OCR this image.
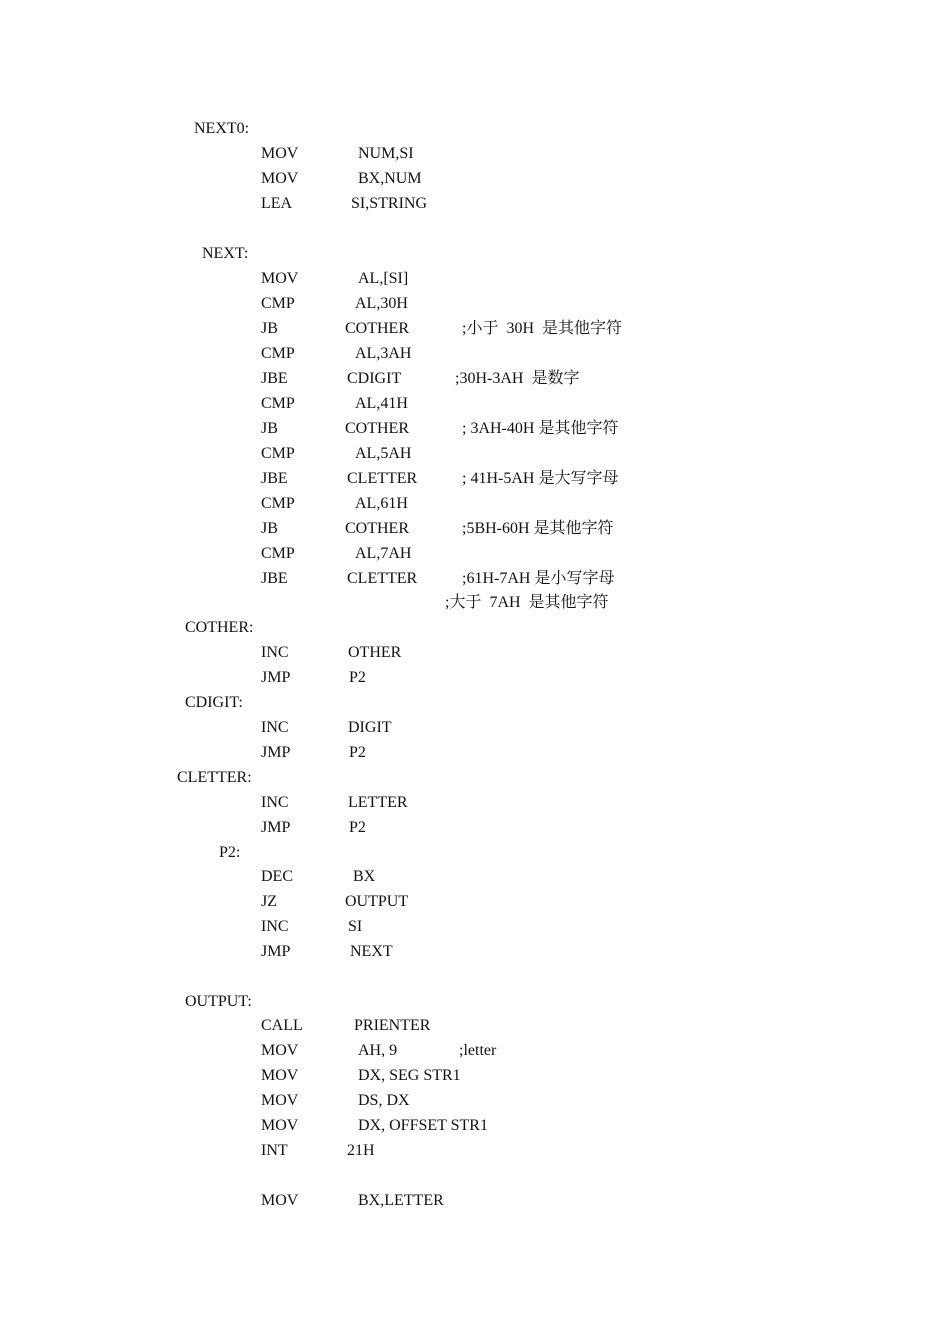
NEXT0:
MOV	NUM,SI
MOV	BX,NUM
LEA	SI,STRING
NEXT:
MOV	AL,[SI]
CMP	AL,30H
JB	COTHER	;小于  30H  是其他字符
CMP	AL,3AH
JBE	CDIGIT	;30H-3AH  是数字
CMP	AL,41H
JB	COTHER	; 3AH-40H 是其他字符
CMP	AL,5AH
JBE	CLETTER	; 41H-5AH 是大写字母
CMP	AL,61H
JB	COTHER	;5BH-60H 是其他字符
CMP	AL,7AH
JBE	CLETTER	;61H-7AH 是小写字母
;大于  7AH  是其他字符
COTHER:
INC	OTHER
JMP	P2
CDIGIT:
INC	DIGIT
JMP	P2
CLETTER:
INC	LETTER
JMP	P2
P2:
DEC	BX
JZ	OUTPUT
INC	SI
JMP	NEXT
OUTPUT:
CALL	PRIENTER
MOV	AH, 9	;letter
MOV	DX, SEG STR1
MOV	DS, DX
MOV	DX, OFFSET STR1
INT	21H
MOV	BX,LETTER
